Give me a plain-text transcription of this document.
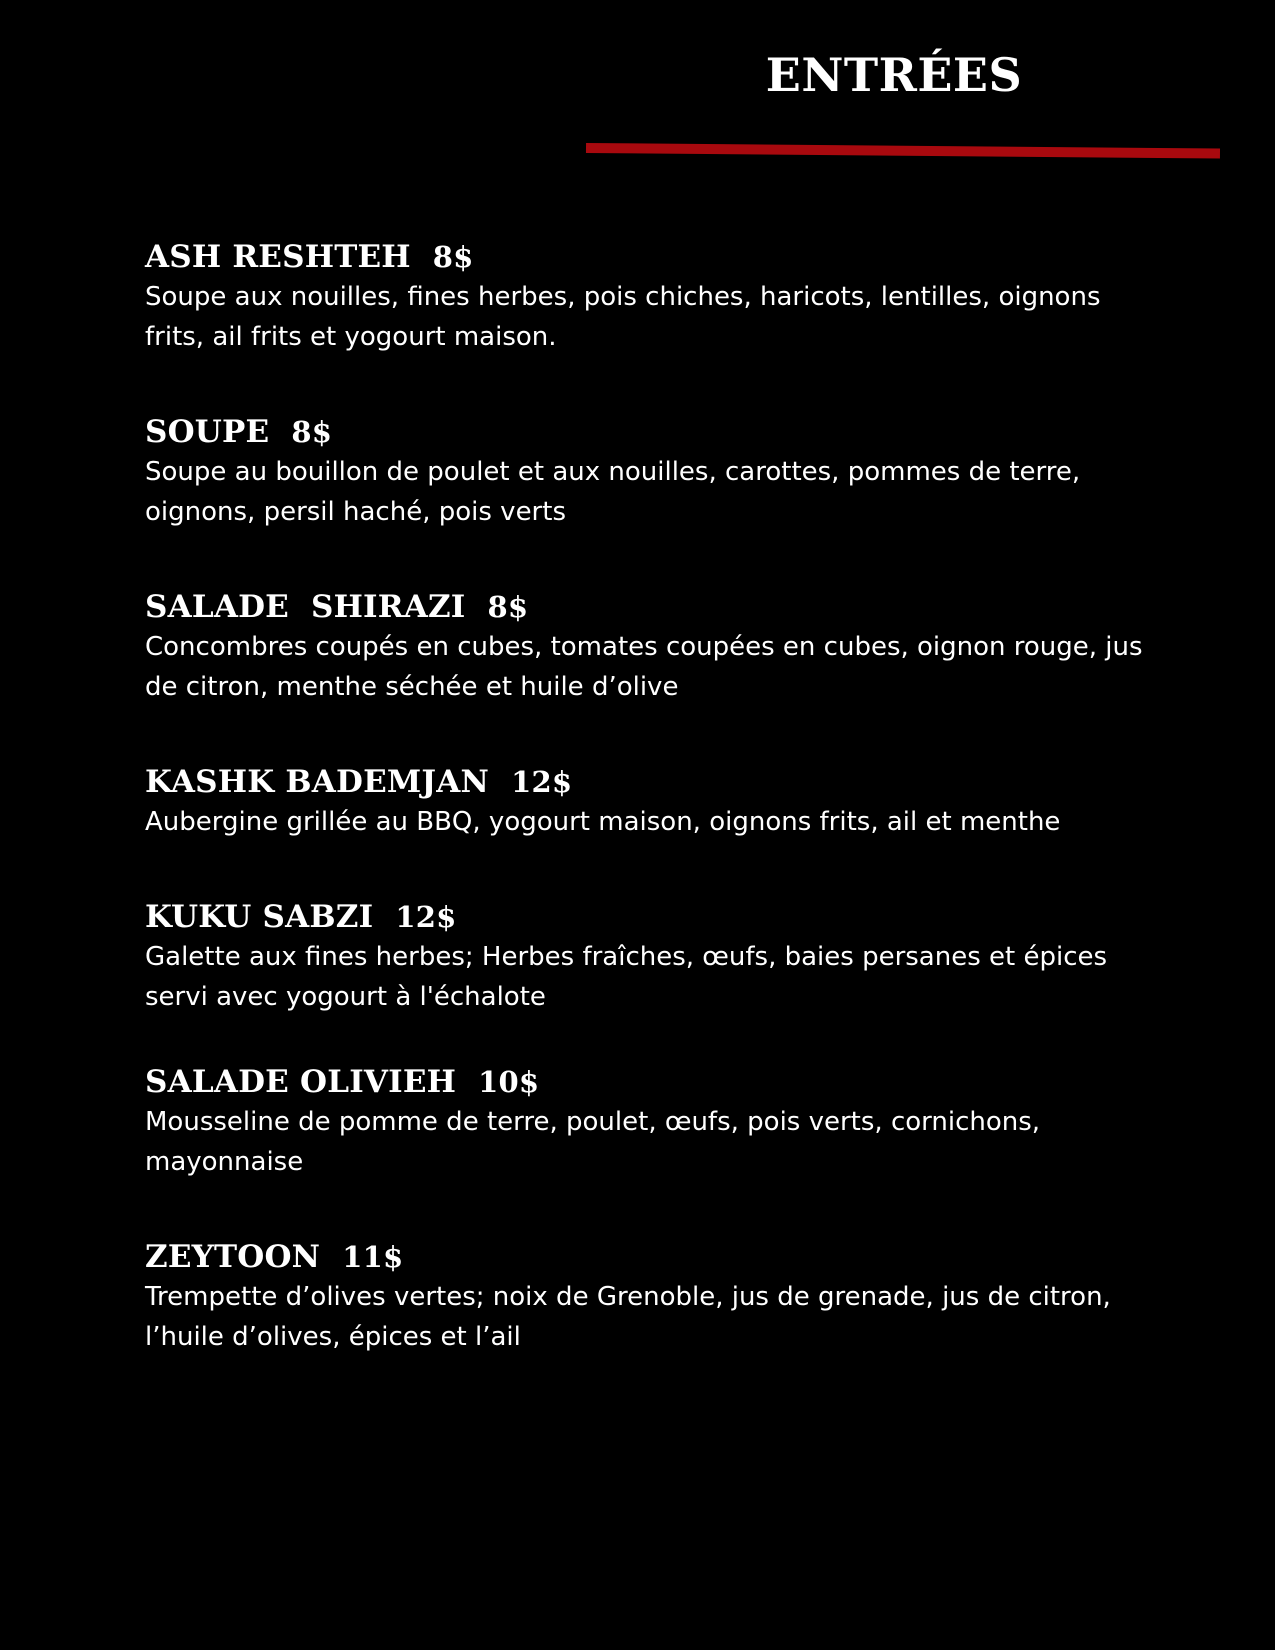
ENTRÉES
ASH RESHTEH 8$
Soupe aux nouilles, fines herbes, pois chiches, haricots, lentilles, oignons frits, ail frits et yogourt maison.
SOUPE 8$
Soupe au bouillon de poulet et aux nouilles, carottes, pommes de terre, oignons, persil haché, pois verts
SALADE  SHIRAZI 8$
Concombres coupés en cubes, tomates coupées en cubes, oignon rouge, jus de citron, menthe séchée et huile d’olive
KASHK BADEMJAN 12$
Aubergine grillée au BBQ, yogourt maison, oignons frits, ail et menthe
KUKU SABZI 12$
Galette aux fines herbes; Herbes fraîches, œufs, baies persanes et épices servi avec yogourt à l'échalote
SALADE OLIVIEH 10$
Mousseline de pomme de terre, poulet, œufs, pois verts, cornichons, mayonnaise
ZEYTOON 11$
Trempette d’olives vertes; noix de Grenoble, jus de grenade, jus de citron, l’huile d’olives, épices et l’ail
